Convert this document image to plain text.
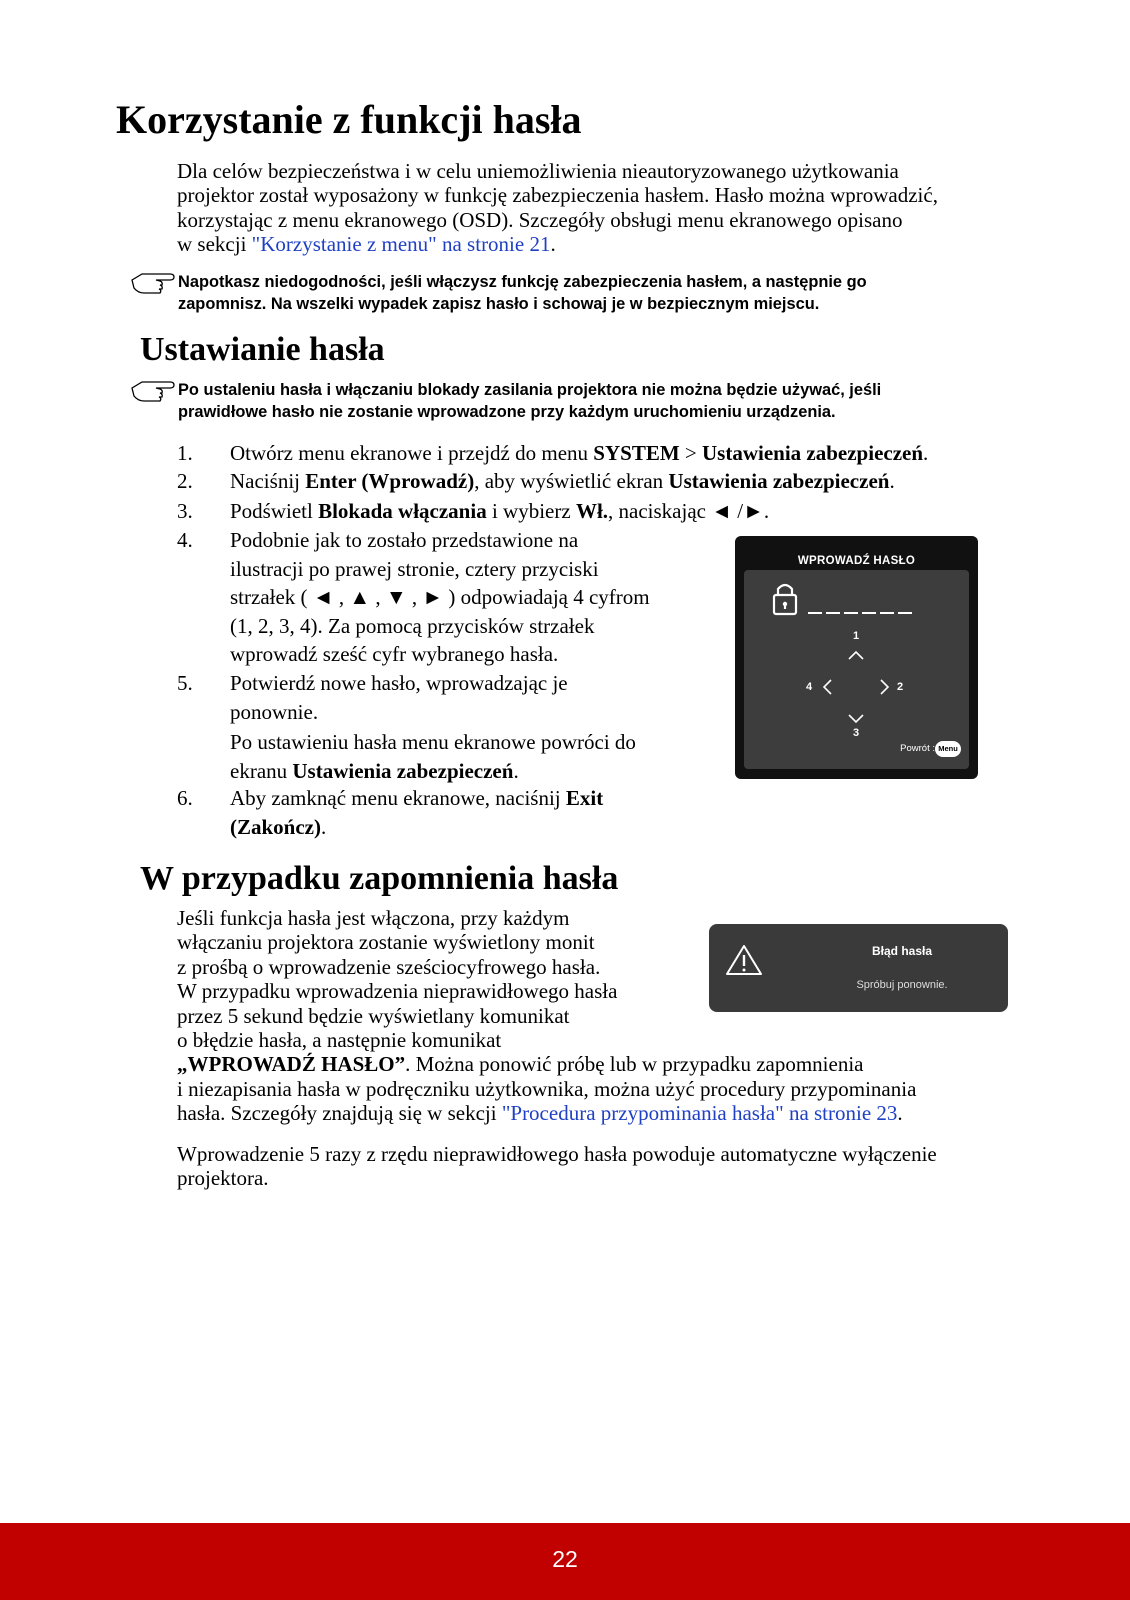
Korzystanie z funkcji hasła
Dla celów bezpieczeństwa i w celu uniemożliwienia nieautoryzowanego użytkowania
projektor został wyposażony w funkcję zabezpieczenia hasłem. Hasło można wprowadzić,
korzystając z menu ekranowego (OSD). Szczegóły obsługi menu ekranowego opisano
w sekcji "Korzystanie z menu" na stronie 21.
Napotkasz niedogodności, jeśli włączysz funkcję zabezpieczenia hasłem, a następnie go
zapomnisz. Na wszelki wypadek zapisz hasło i schowaj je w bezpiecznym miejscu.
Ustawianie hasła
Po ustaleniu hasła i włączaniu blokady zasilania projektora nie można będzie używać, jeśli
prawidłowe hasło nie zostanie wprowadzone przy każdym uruchomieniu urządzenia.
1. Otwórz menu ekranowe i przejdź do menu SYSTEM > Ustawienia zabezpieczeń.
2. Naciśnij Enter (Wprowadź), aby wyświetlić ekran Ustawienia zabezpieczeń.
3. Podświetl Blokada włączania i wybierz Wł., naciskając ◄ /►.
4. Podobnie jak to zostało przedstawione na
ilustracji po prawej stronie, cztery przyciski
strzałek ( ◄ , ▲ , ▼ , ► ) odpowiadają 4 cyfrom
(1, 2, 3, 4). Za pomocą przycisków strzałek
wprowadź sześć cyfr wybranego hasła.
5. Potwierdź nowe hasło, wprowadzając je
ponownie.
Po ustawieniu hasła menu ekranowe powróci do
ekranu Ustawienia zabezpieczeń.
6. Aby zamknąć menu ekranowe, naciśnij Exit
(Zakończ).
WPROWADŹ HASŁO
1
2
3
4
Powrót : Menu
W przypadku zapomnienia hasła
Jeśli funkcja hasła jest włączona, przy każdym
włączaniu projektora zostanie wyświetlony monit
z prośbą o wprowadzenie sześciocyfrowego hasła.
W przypadku wprowadzenia nieprawidłowego hasła
przez 5 sekund będzie wyświetlany komunikat
o błędzie hasła, a następnie komunikat
„WPROWADŹ HASŁO”. Można ponowić próbę lub w przypadku zapomnienia
i niezapisania hasła w podręczniku użytkownika, można użyć procedury przypominania
hasła. Szczegóły znajdują się w sekcji "Procedura przypominania hasła" na stronie 23.
Wprowadzenie 5 razy z rzędu nieprawidłowego hasła powoduje automatyczne wyłączenie
projektora.
Błąd hasła
Spróbuj ponownie.
22
